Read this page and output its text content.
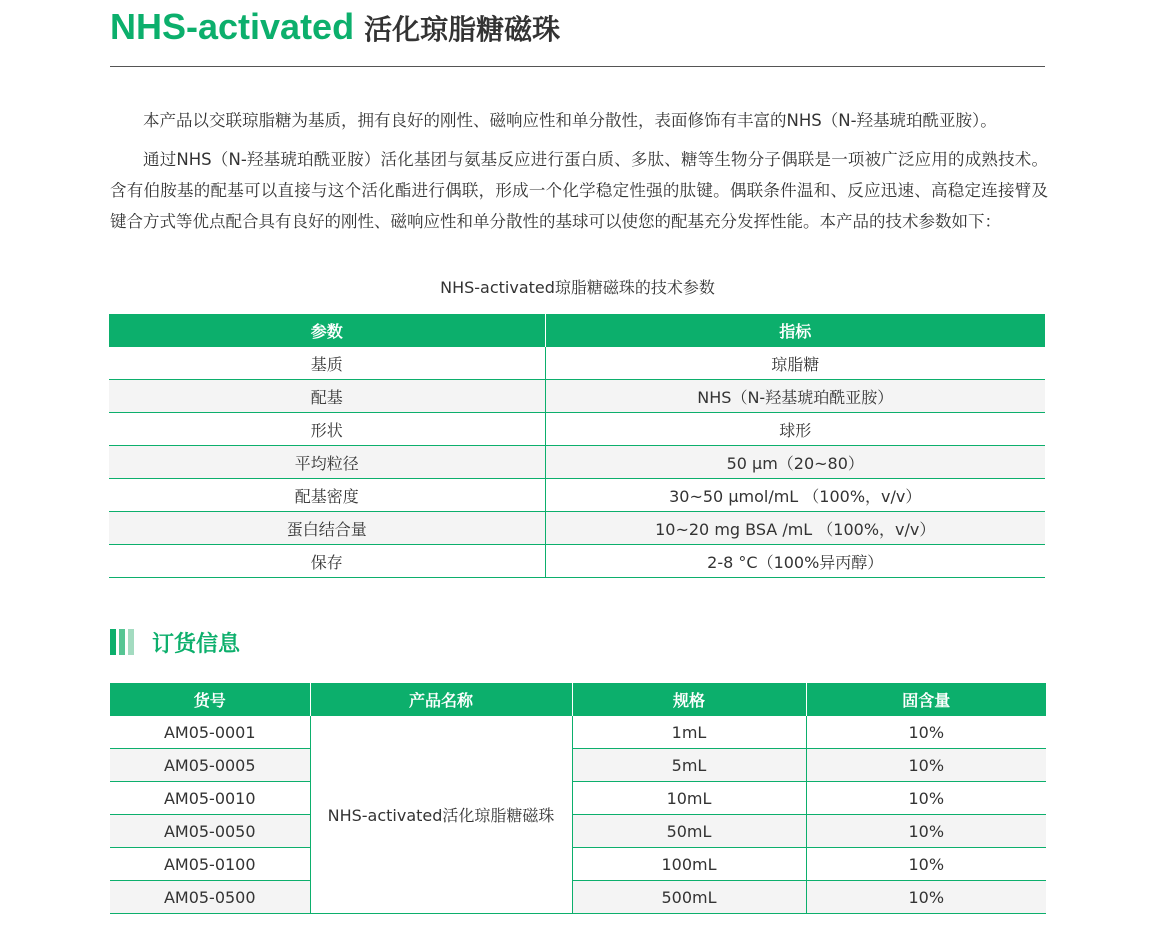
NHS-activated 活化琼脂糖磁珠

本产品以交联琼脂糖为基质，拥有良好的刚性、磁响应性和单分散性，表面修饰有丰富的NHS（N-羟基琥珀酰亚胺）。

通过NHS（N-羟基琥珀酰亚胺）活化基团与氨基反应进行蛋白质、多肽、糖等生物分子偶联是一项被广泛应用的成熟技术。含有伯胺基的配基可以直接与这个活化酯进行偶联，形成一个化学稳定性强的肽键。偶联条件温和、反应迅速、高稳定连接臂及键合方式等优点配合具有良好的刚性、磁响应性和单分散性的基球可以使您的配基充分发挥性能。本产品的技术参数如下：

NHS-activated琼脂糖磁珠的技术参数
参数	指标
基质	琼脂糖
配基	NHS（N-羟基琥珀酰亚胺）
形状	球形
平均粒径	50 μm（20~80）
配基密度	30~50 μmol/mL （100%，v/v）
蛋白结合量	10~20 mg BSA /mL （100%，v/v）
保存	2-8 °C（100%异丙醇）
订货信息
货号	产品名称	规格	固含量
AM05-0001	NHS-activated活化琼脂糖磁珠	1mL	10%
AM05-0005		5mL	10%
AM05-0010		10mL	10%
AM05-0050		50mL	10%
AM05-0100		100mL	10%
AM05-0500		500mL	10%
